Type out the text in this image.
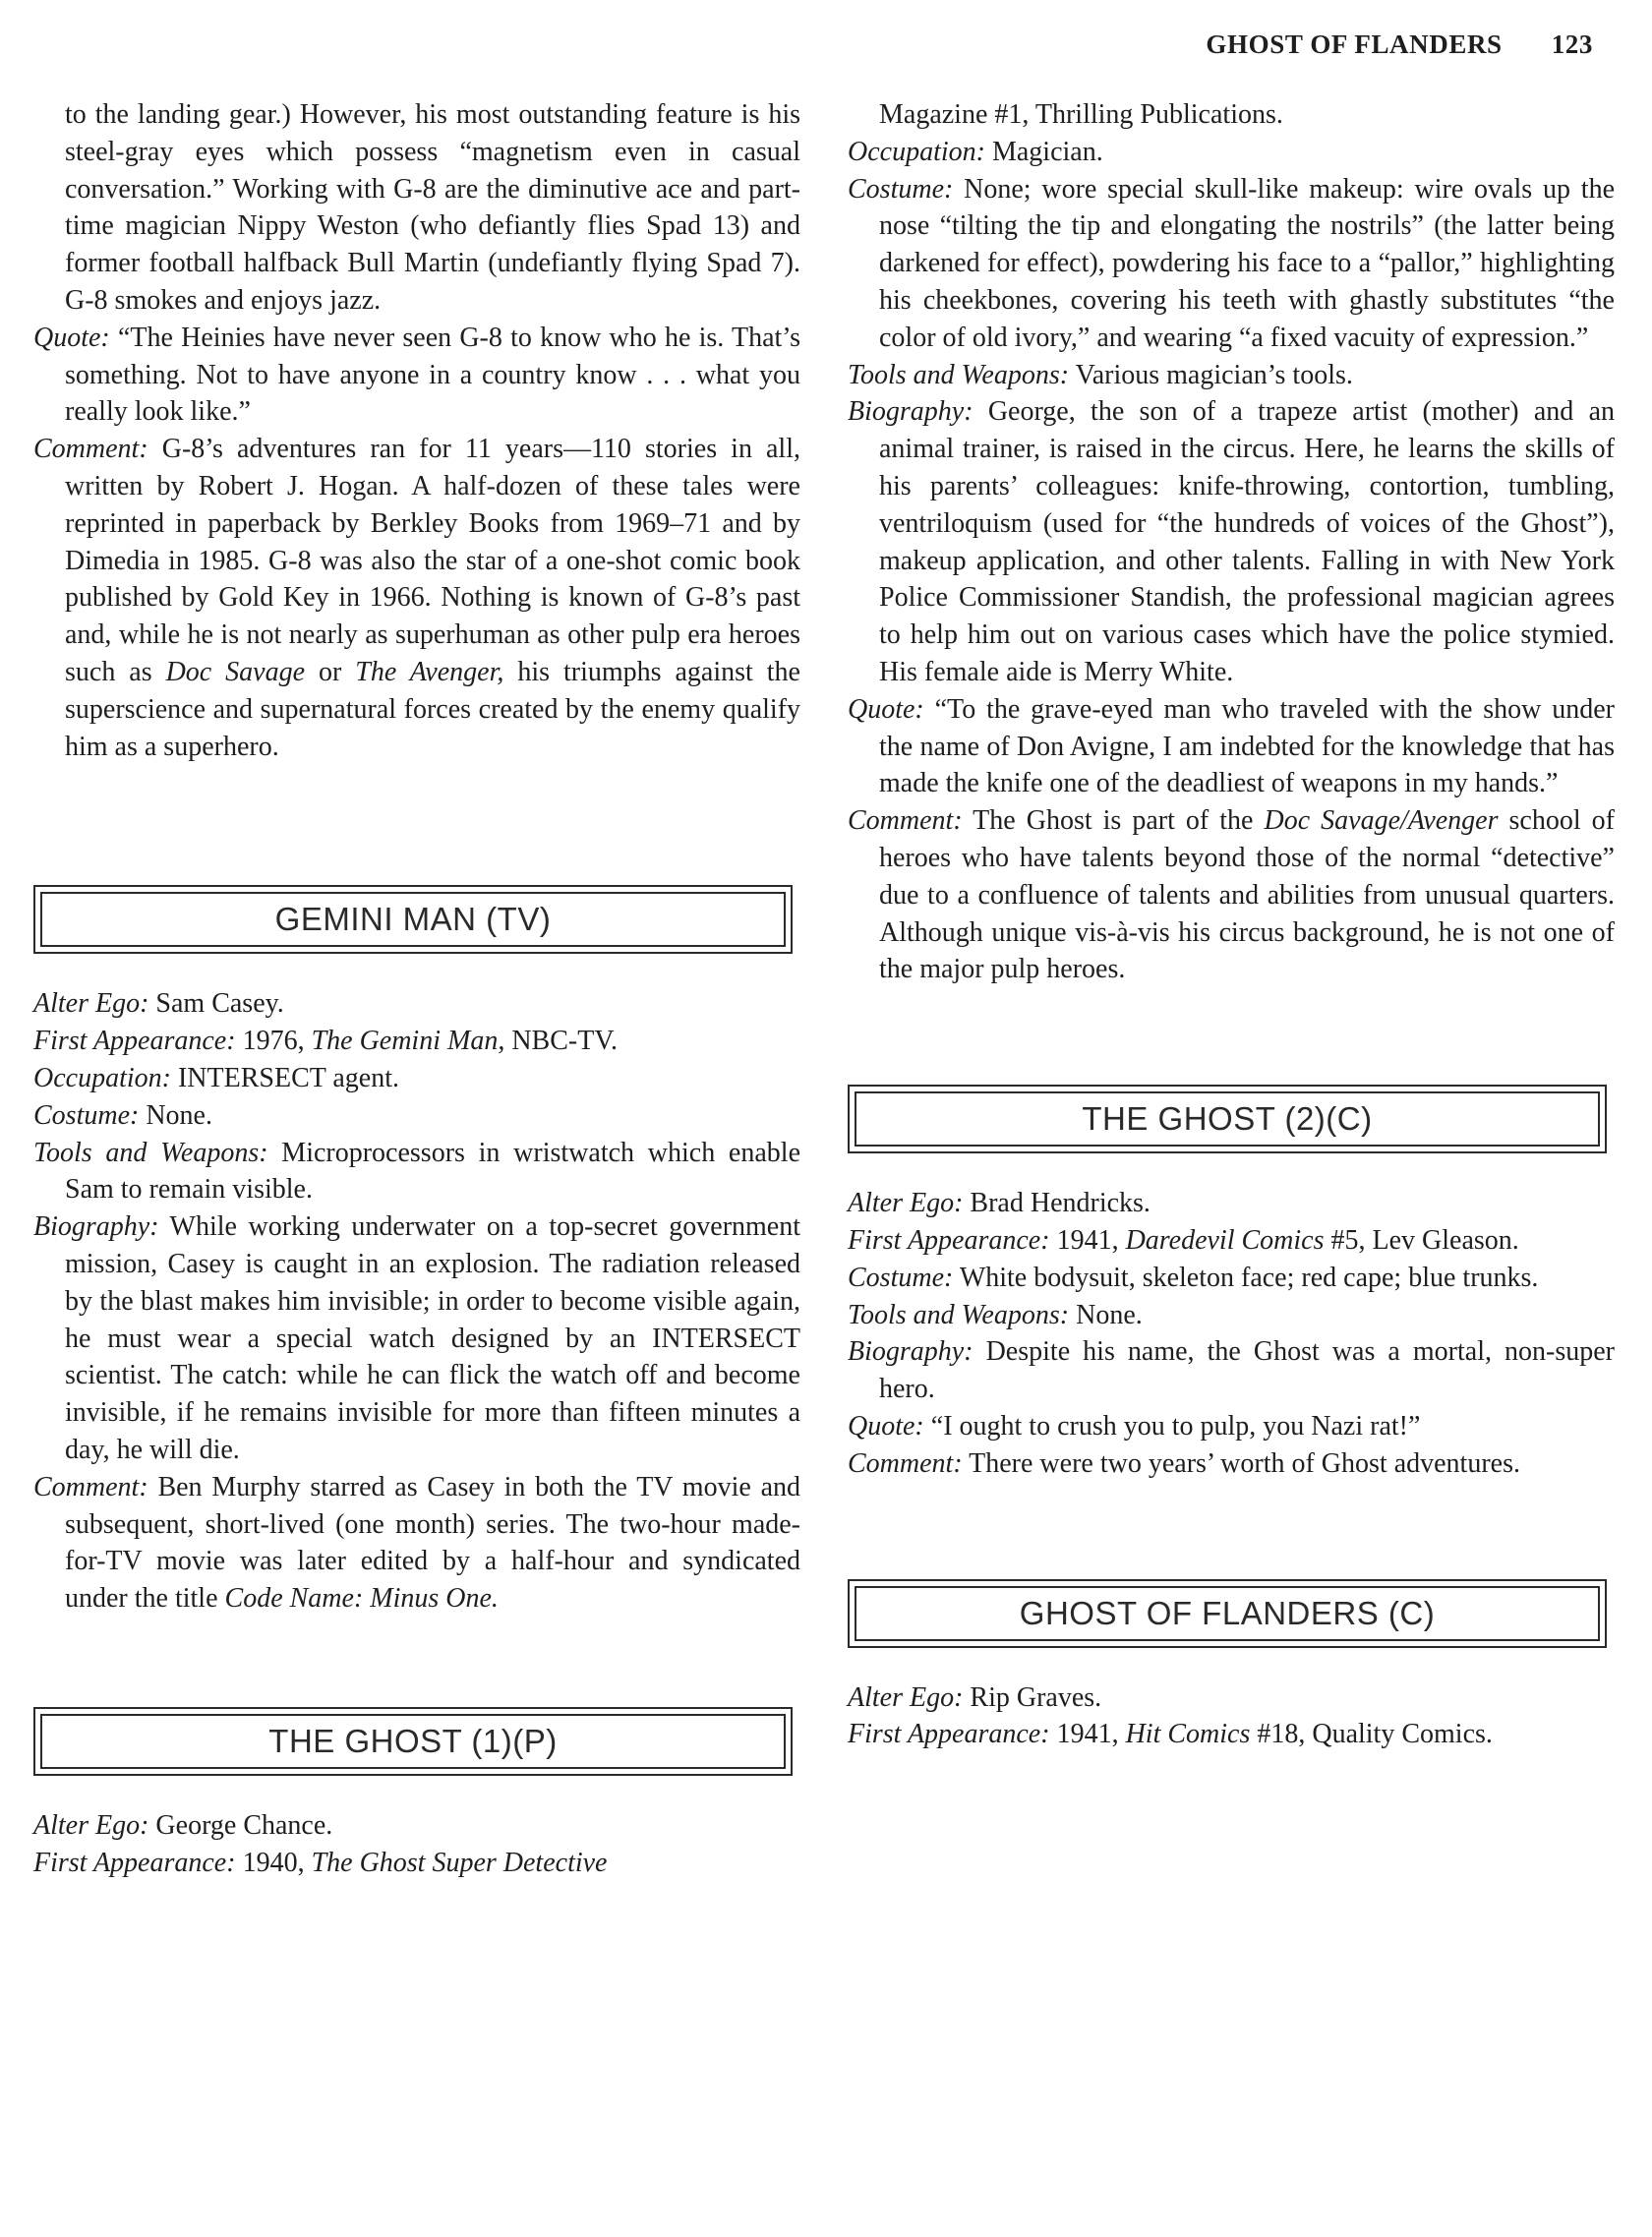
GHOST OF FLANDERS 123

to the landing gear.) However, his most outstanding feature is his steel-gray eyes which possess “magnetism even in casual conversation.” Working with G-8 are the diminutive ace and part-time magician Nippy Weston (who defiantly flies Spad 13) and former football halfback Bull Martin (undefiantly flying Spad 7). G-8 smokes and enjoys jazz.

Quote: “The Heinies have never seen G-8 to know who he is. That’s something. Not to have anyone in a country know . . . what you really look like.”

Comment: G-8’s adventures ran for 11 years—110 stories in all, written by Robert J. Hogan. A half-dozen of these tales were reprinted in paperback by Berkley Books from 1969–71 and by Dimedia in 1985. G-8 was also the star of a one-shot comic book published by Gold Key in 1966. Nothing is known of G-8’s past and, while he is not nearly as superhuman as other pulp era heroes such as Doc Savage or The Avenger, his triumphs against the superscience and supernatural forces created by the enemy qualify him as a superhero.

GEMINI MAN (TV)

Alter Ego: Sam Casey.

First Appearance: 1976, The Gemini Man, NBC-TV.

Occupation: INTERSECT agent.

Costume: None.

Tools and Weapons: Microprocessors in wristwatch which enable Sam to remain visible.

Biography: While working underwater on a top-secret government mission, Casey is caught in an explosion. The radiation released by the blast makes him invisible; in order to become visible again, he must wear a special watch designed by an INTERSECT scientist. The catch: while he can flick the watch off and become invisible, if he remains invisible for more than fifteen minutes a day, he will die.

Comment: Ben Murphy starred as Casey in both the TV movie and subsequent, short-lived (one month) series. The two-hour made-for-TV movie was later edited by a half-hour and syndicated under the title Code Name: Minus One.

THE GHOST (1)(P)

Alter Ego: George Chance.

First Appearance: 1940, The Ghost Super Detective

Magazine #1, Thrilling Publications.

Occupation: Magician.

Costume: None; wore special skull-like makeup: wire ovals up the nose “tilting the tip and elongating the nostrils” (the latter being darkened for effect), powdering his face to a “pallor,” highlighting his cheekbones, covering his teeth with ghastly substitutes “the color of old ivory,” and wearing “a fixed vacuity of expression.”

Tools and Weapons: Various magician’s tools.

Biography: George, the son of a trapeze artist (mother) and an animal trainer, is raised in the circus. Here, he learns the skills of his parents’ colleagues: knife-throwing, contortion, tumbling, ventriloquism (used for “the hundreds of voices of the Ghost”), makeup application, and other talents. Falling in with New York Police Commissioner Standish, the professional magician agrees to help him out on various cases which have the police stymied. His female aide is Merry White.

Quote: “To the grave-eyed man who traveled with the show under the name of Don Avigne, I am indebted for the knowledge that has made the knife one of the deadliest of weapons in my hands.”

Comment: The Ghost is part of the Doc Savage/Avenger school of heroes who have talents beyond those of the normal “detective” due to a confluence of talents and abilities from unusual quarters. Although unique vis-à-vis his circus background, he is not one of the major pulp heroes.

THE GHOST (2)(C)

Alter Ego: Brad Hendricks.

First Appearance: 1941, Daredevil Comics #5, Lev Gleason.

Costume: White bodysuit, skeleton face; red cape; blue trunks.

Tools and Weapons: None.

Biography: Despite his name, the Ghost was a mortal, non-super hero.

Quote: “I ought to crush you to pulp, you Nazi rat!”

Comment: There were two years’ worth of Ghost adventures.

GHOST OF FLANDERS (C)

Alter Ego: Rip Graves.

First Appearance: 1941, Hit Comics #18, Quality Comics.
